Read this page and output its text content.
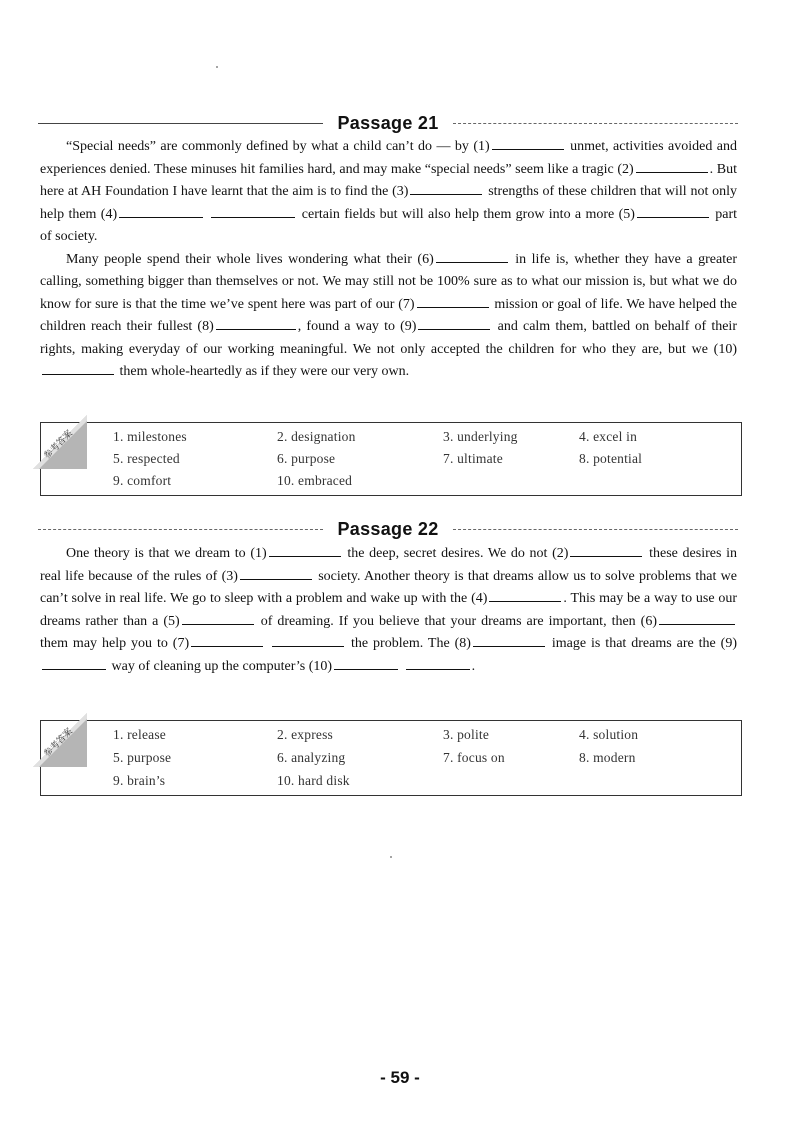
Passage 21

“Special needs” are commonly defined by what a child can’t do — by (1)	unmet, activities avoided and experiences denied. These minuses hit families hard, and may make “special needs” seem like a tragic (2)	. But here at AH Foundation I have learnt that the aim is to find the (3)	strengths of these children that will not only help them (4)	certain fields but will also help them grow into a more (5)	part of society.

Many people spend their whole lives wondering what their (6)	in life is, whether they have a greater calling, something bigger than themselves or not. We may still not be 100% sure as to what our mission is, but what we do know for sure is that the time we’ve spent here was part of our (7)	mission or goal of life. We have helped the children reach their fullest (8)	, found a way to (9)	and calm them, battled on behalf of their rights, making everyday of our working meaningful. We not only accepted the children for who they are, but we (10) them whole-heartedly as if they were our very own.

参考答案	1. milestones	2. designation	3. underlying	4. excel in
5. respected	6. purpose	7. ultimate	8. potential
9. comfort	10. embraced
Passage 22

One theory is that we dream to (1)	the deep, secret desires. We do not (2)	these desires in real life because of the rules of (3)	society. Another theory is that dreams allow us to solve problems that we can’t solve in real life. We go to sleep with a problem and wake up with the (4)	. This may be a way to use our dreams rather than a (5)	of dreaming. If you believe that your dreams are important, then (6) them may help you to (7)	the problem. The (8)	image is that dreams are the (9) way of cleaning up the computer’s (10)	.

参考答案	1. release	2. express	3. polite	4. solution
5. purpose	6. analyzing	7. focus on	8. modern
9. brain’s	10. hard disk
- 59 -
